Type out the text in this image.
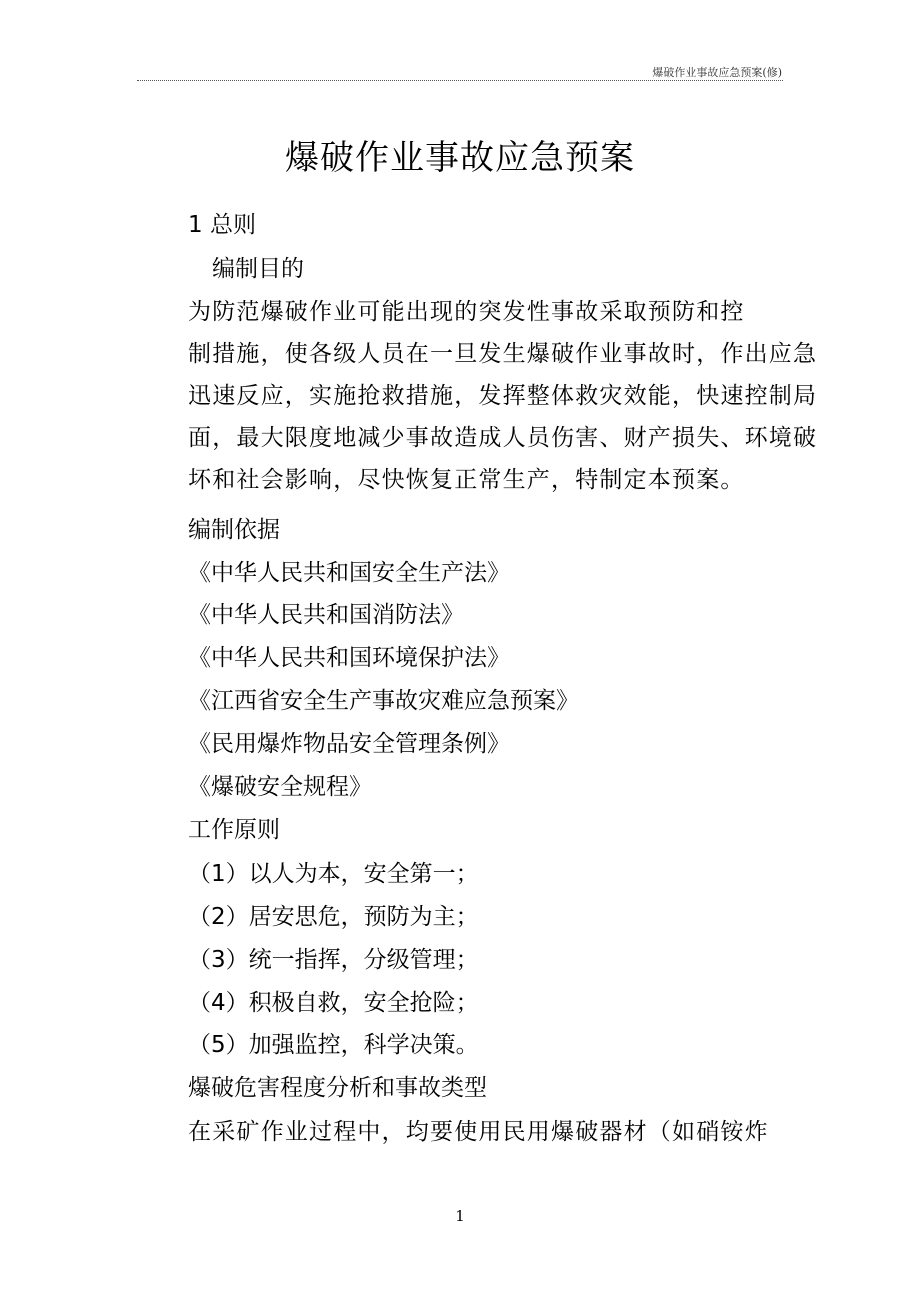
爆破作业事故应急预案(修)
爆破作业事故应急预案
1 总则
编制目的
为防范爆破作业可能出现的突发性事故采取预防和控
制措施，使各级人员在一旦发生爆破作业事故时，作出应急
迅速反应，实施抢救措施，发挥整体救灾效能，快速控制局
面，最大限度地减少事故造成人员伤害、财产损失、环境破
坏和社会影响，尽快恢复正常生产，特制定本预案。
编制依据
《中华人民共和国安全生产法》
《中华人民共和国消防法》
《中华人民共和国环境保护法》
《江西省安全生产事故灾难应急预案》
《民用爆炸物品安全管理条例》
《爆破安全规程》
工作原则
（1）以人为本，安全第一；
（2）居安思危，预防为主；
（3）统一指挥，分级管理；
（4）积极自救，安全抢险；
（5）加强监控，科学决策。
爆破危害程度分析和事故类型
在采矿作业过程中，均要使用民用爆破器材（如硝铵炸
1
